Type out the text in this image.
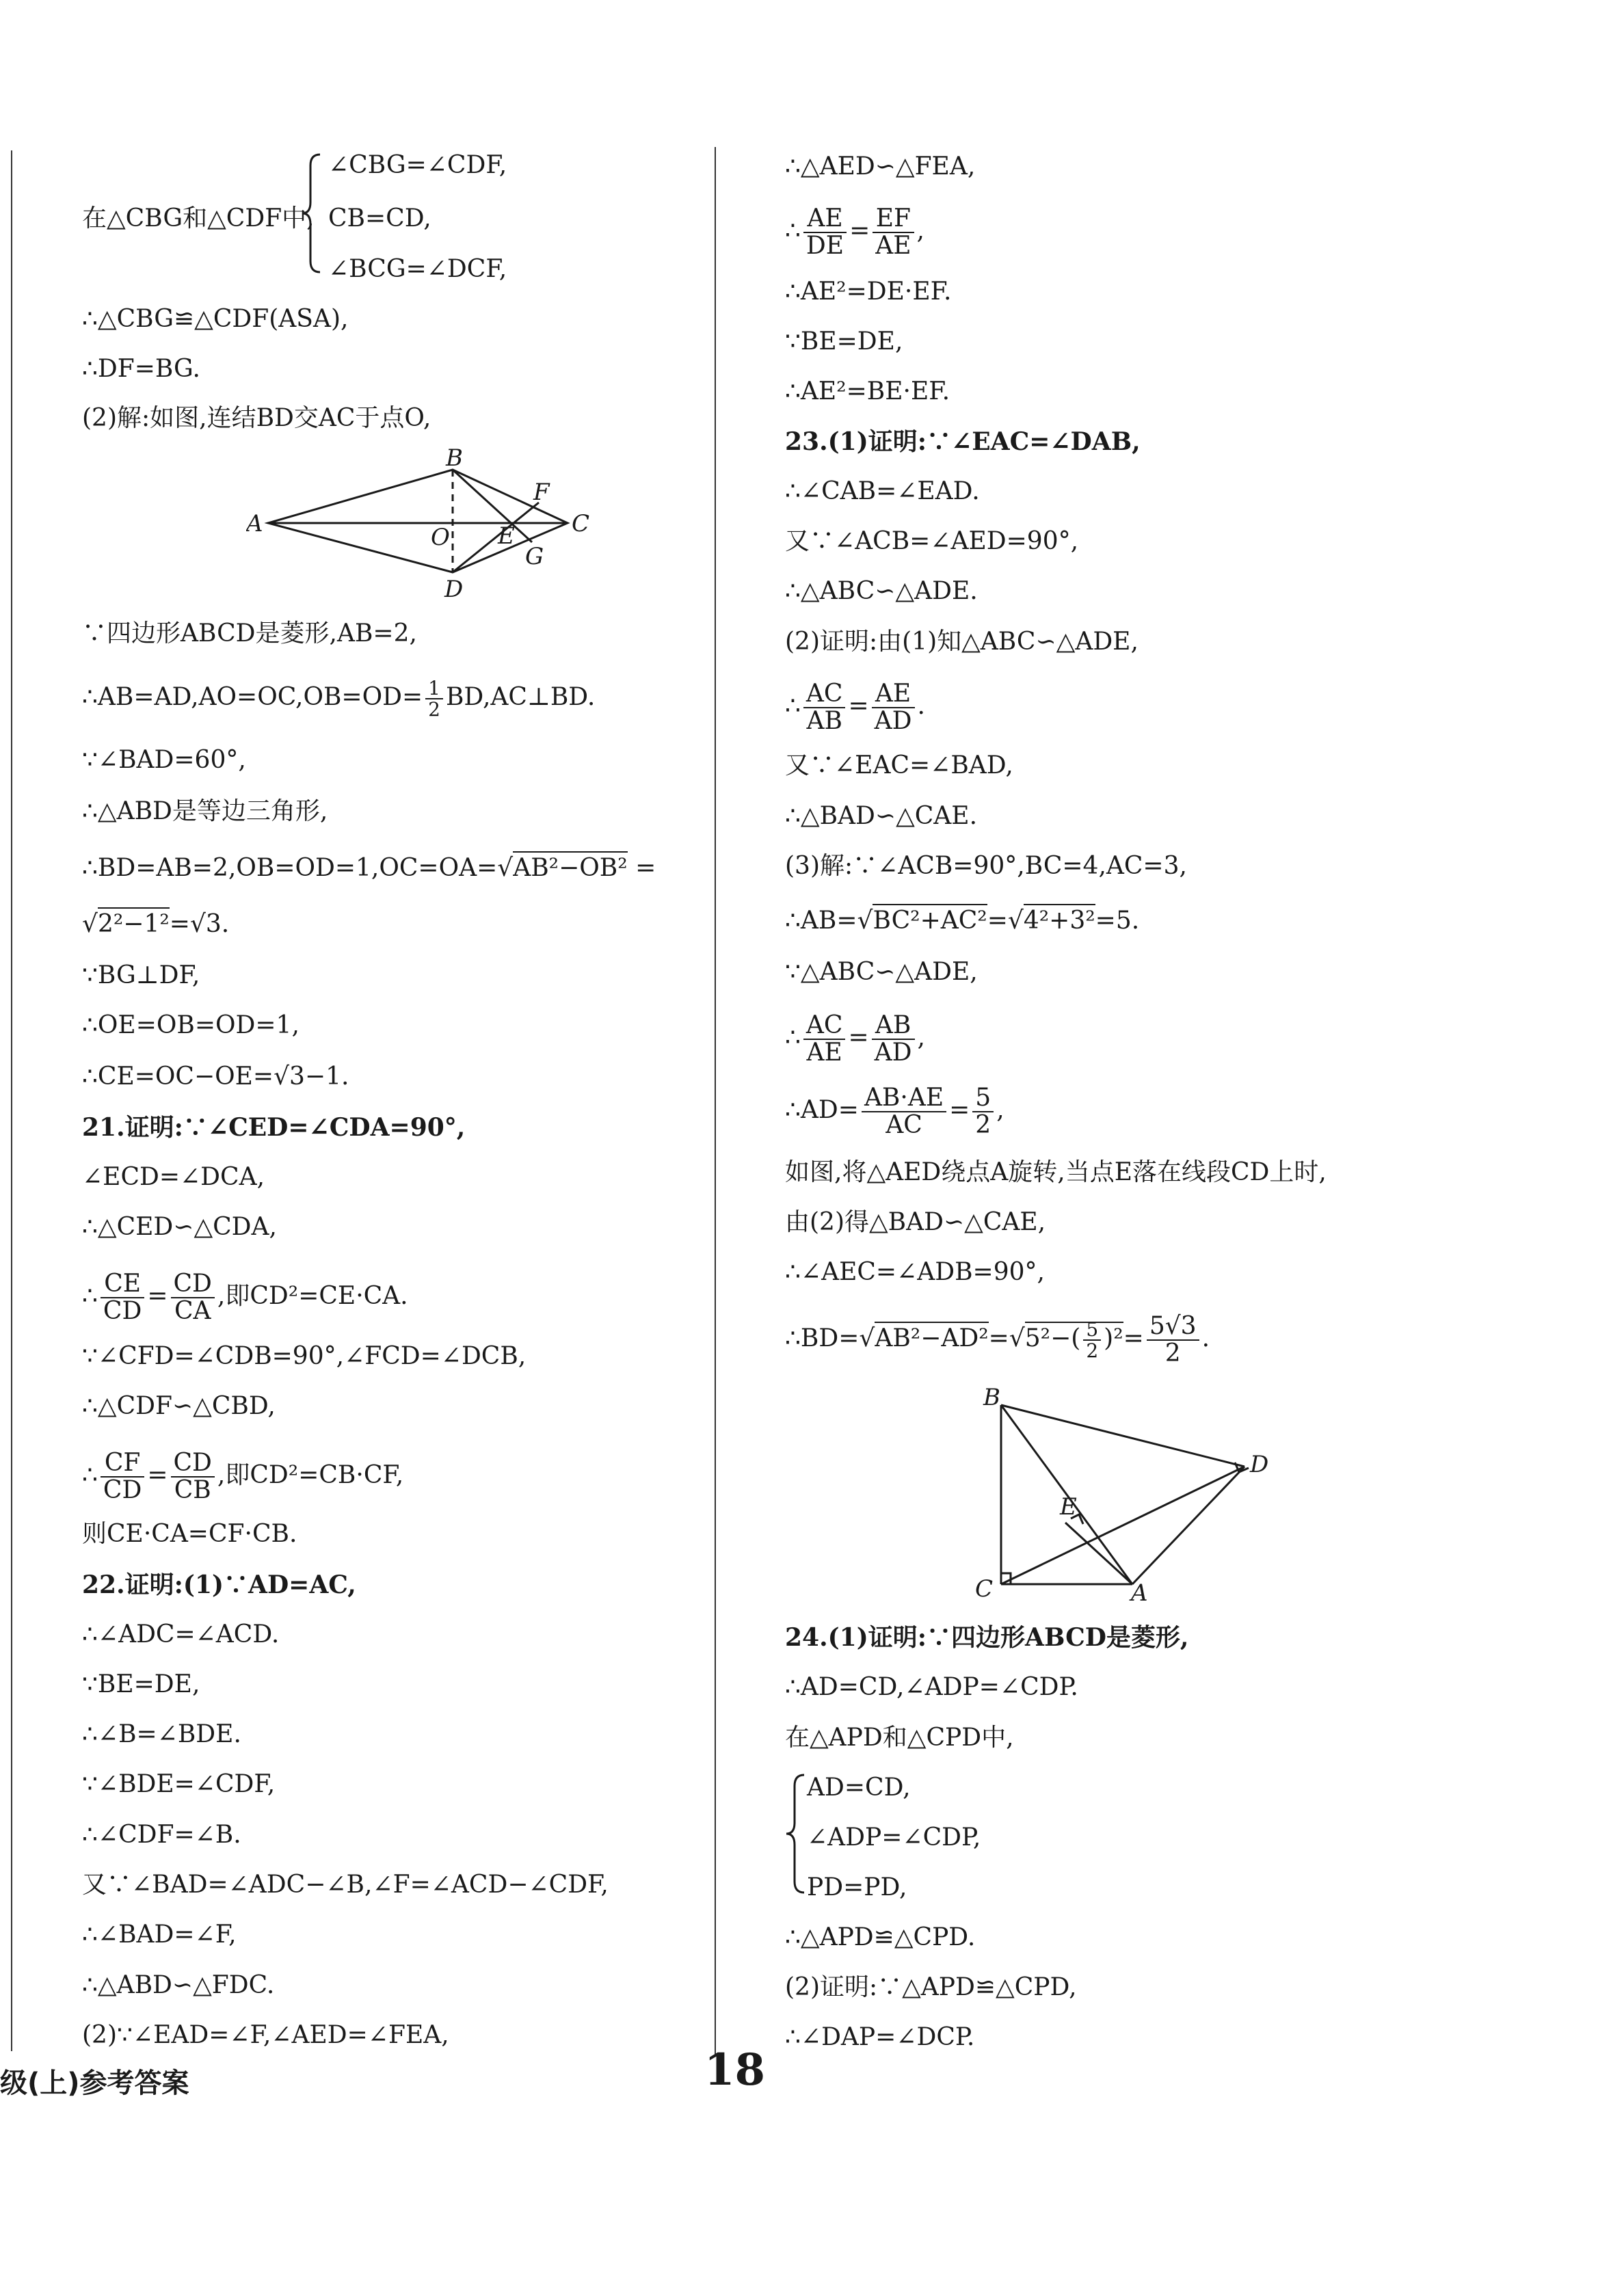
∠CBG=∠CDF,
在△CBG和△CDF中, CB=CD,
∠BCG=∠DCF,
∴△CBG≌△CDF(ASA),
∴DF=BG.
(2)解:如图,连结BD交AC于点O,
B
F
A	O E C
G
D
∵四边形ABCD是菱形,AB=2,
∴AB=AD,AO=OC,OB=OD= $\frac{1}{2}$ BD,AC⊥BD.
∵∠BAD=60°,
∴△ABD是等边三角形,
∴BD=AB=2,OB=OD=1,OC=OA=√AB²−OB² =
√2²−1²=√3.
∵BG⊥DF,
∴OE=OB=OD=1,
∴CE=OC−OE=√3−1.
21.证明:∵∠CED=∠CDA=90°,
∠ECD=∠DCA,
∴△CED∽△CDA,
∴ $\frac{CE}{CD} = \frac{CD}{CA}$ ,即CD²=CE·CA.
∵∠CFD=∠CDB=90°,∠FCD=∠DCB,
∴△CDF∽△CBD,
∴ $\frac{CF}{CD} = \frac{CD}{CB}$ ,即CD²=CB·CF,
则CE·CA=CF·CB.
22.证明:(1)∵AD=AC,
∴∠ADC=∠ACD.
∵BE=DE,
∴∠B=∠BDE.
∵∠BDE=∠CDF,
∴∠CDF=∠B.
又∵∠BAD=∠ADC−∠B,∠F=∠ACD−∠CDF,
∴∠BAD=∠F,
∴△ABD∽△FDC.
(2)∵∠EAD=∠F,∠AED=∠FEA,
∴△AED∽△FEA,
∴ $\frac{AE}{DE} = \frac{EF}{AE}$ ,
∴AE²=DE·EF.
∵BE=DE,
∴AE²=BE·EF.
23.(1)证明:∵∠EAC=∠DAB,
∴∠CAB=∠EAD.
又∵∠ACB=∠AED=90°,
∴△ABC∽△ADE.
(2)证明:由(1)知△ABC∽△ADE,
∴ $\frac{AC}{AB} = \frac{AE}{AD}$ .
又∵∠EAC=∠BAD,
∴△BAD∽△CAE.
(3)解:∵∠ACB=90°,BC=4,AC=3,
∴AB=√BC²+AC²=√4²+3²=5.
∵△ABC∽△ADE,
∴ $\frac{AC}{AE} = \frac{AB}{AD}$ ,
∴AD= $\frac{AB\cdot AE}{AC} = \frac{5}{2}$ ,
如图,将△AED绕点A旋转,当点E落在线段CD上时,
由(2)得△BAD∽△CAE,
∴∠AEC=∠ADB=90°,
∴BD=√AB²−AD²=√5²−( $\frac{5}{2} )^2= \frac{5√3}{2}$ .
B
D
E
C	A
24.(1)证明:∵四边形ABCD是菱形,
∴AD=CD,∠ADP=∠CDP.
在△APD和△CPD中,
AD=CD,
∠ADP=∠CDP,
PD=PD,
∴△APD≌△CPD.
(2)证明:∵△APD≌△CPD,
∴∠DAP=∠DCP.
级(上)参考答案	18
